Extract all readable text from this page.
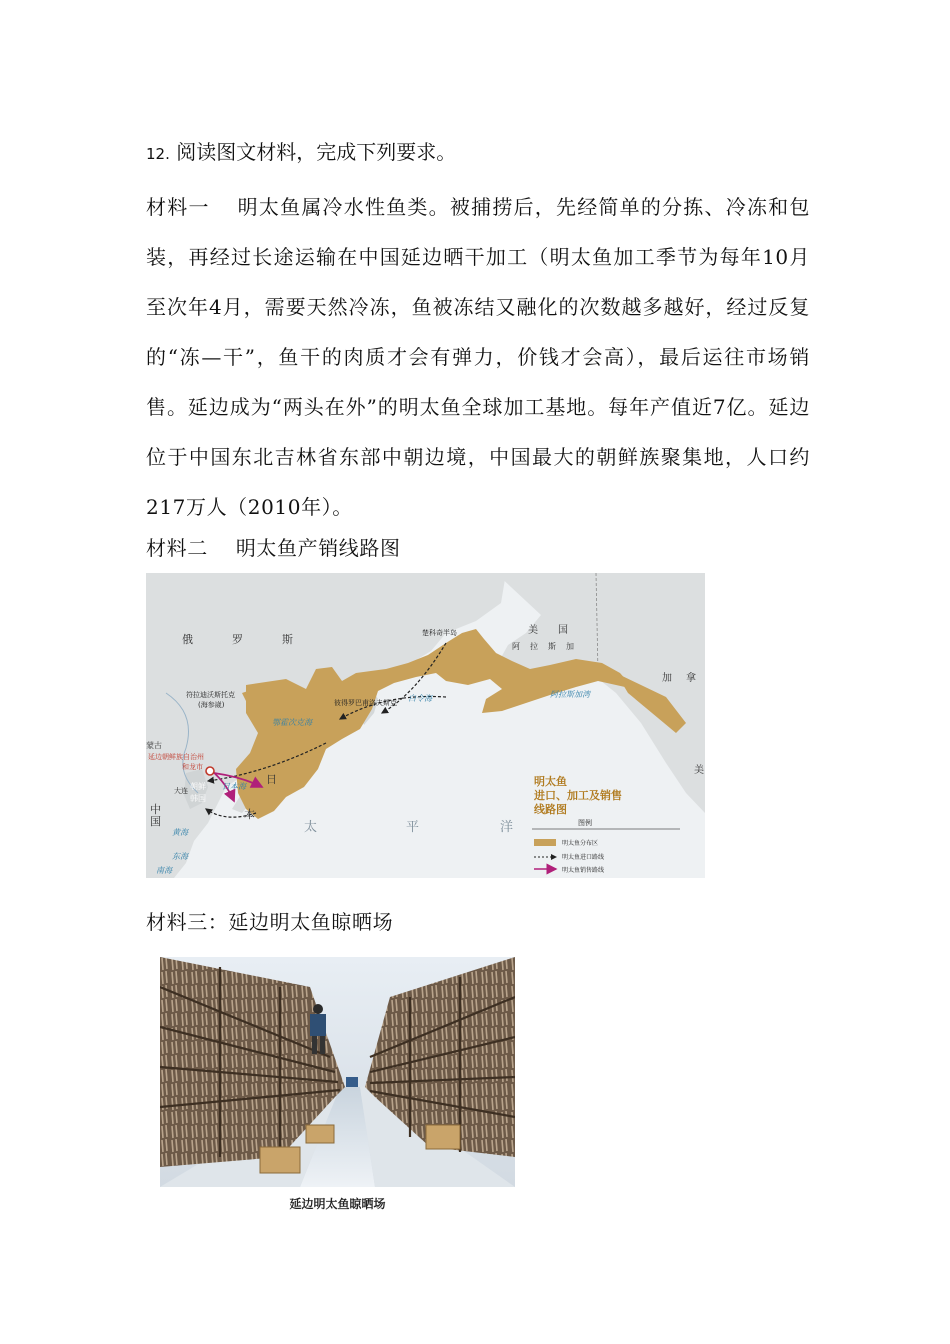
12. 阅读图文材料，完成下列要求。
材料一 明太鱼属冷水性鱼类。被捕捞后，先经简单的分拣、冷冻和包装，再经过长途运输在中国延边晒干加工（明太鱼加工季节为每年10月至次年4月，需要天然冷冻，鱼被冻结又融化的次数越多越好，经过反复的“冻—干”，鱼干的肉质才会有弹力，价钱才会高），最后运往市场销售。延边成为“两头在外”的明太鱼全球加工基地。每年产值近7亿。延边位于中国东北吉林省东部中朝边境，中国最大的朝鲜族聚集地，人口约217万人（2010年）。
材料二 明太鱼产销线路图
俄	罗	斯
美 国
阿 拉 斯 加
加 拿
美
中
国
日
本
朝鲜
韩国
蒙古
楚科奇半岛
符拉迪沃斯托克
(海参崴)	彼得罗巴甫洛夫斯克
延边朝鲜族自治州
和龙市
大连
白令海
鄂霍次克海
日本海
阿拉斯加湾
黄海
东海
南海
太	平	洋
明太鱼
进口、加工及销售
线路图
图例
明太鱼分布区
明太鱼进口路线
明太鱼销售路线
材料三：延边明太鱼晾晒场
延边明太鱼晾晒场
